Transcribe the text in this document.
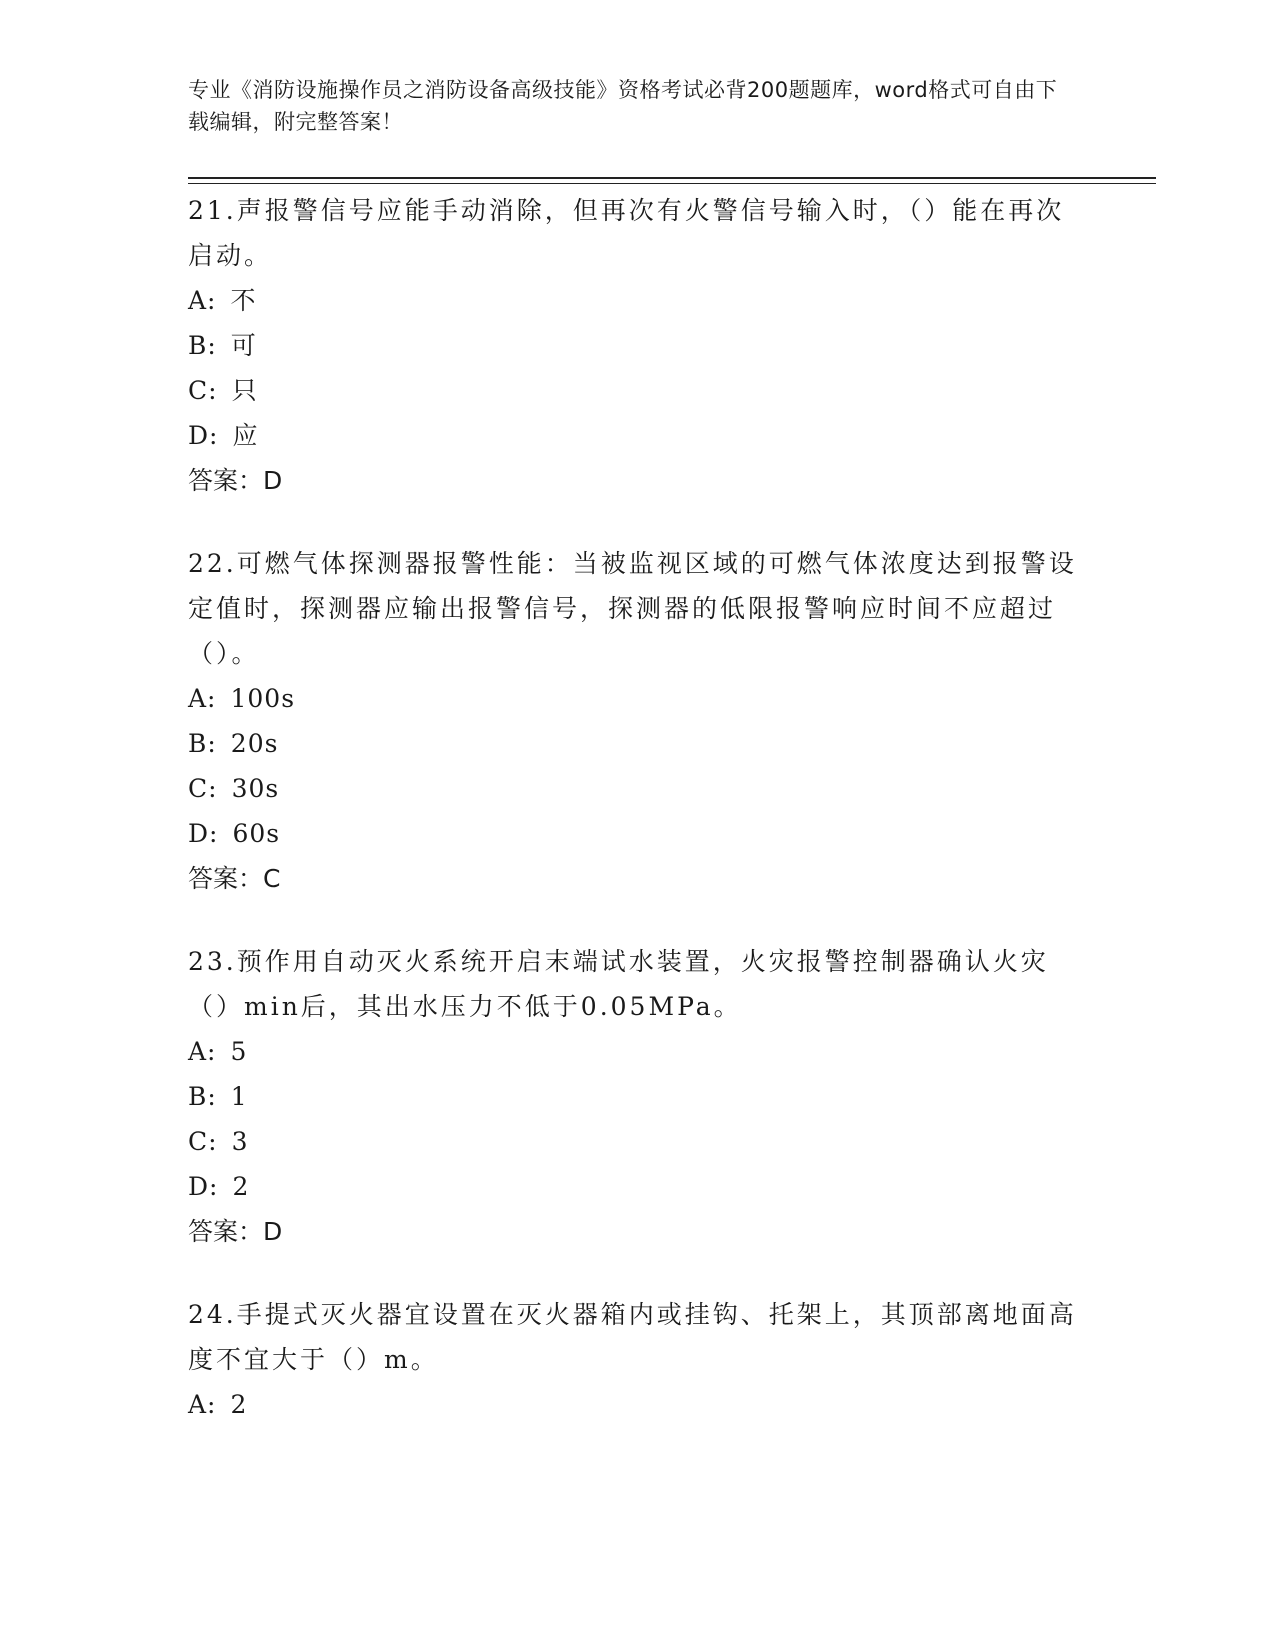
专业《消防设施操作员之消防设备高级技能》资格考试必背200题题库，word格式可自由下载编辑，附完整答案！

21.声报警信号应能手动消除，但再次有火警信号输入时，（）能在再次启动。

A: 不

B: 可

C: 只

D: 应

答案：D

22.可燃气体探测器报警性能：当被监视区域的可燃气体浓度达到报警设定值时，探测器应输出报警信号，探测器的低限报警响应时间不应超过（）。

A: 100s

B: 20s

C: 30s

D: 60s

答案：C

23.预作用自动灭火系统开启末端试水装置，火灾报警控制器确认火灾（）min后，其出水压力不低于0.05MPa。

A: 5

B: 1

C: 3

D: 2

答案：D

24.手提式灭火器宜设置在灭火器箱内或挂钩、托架上，其顶部离地面高度不宜大于（）m。

A: 2
